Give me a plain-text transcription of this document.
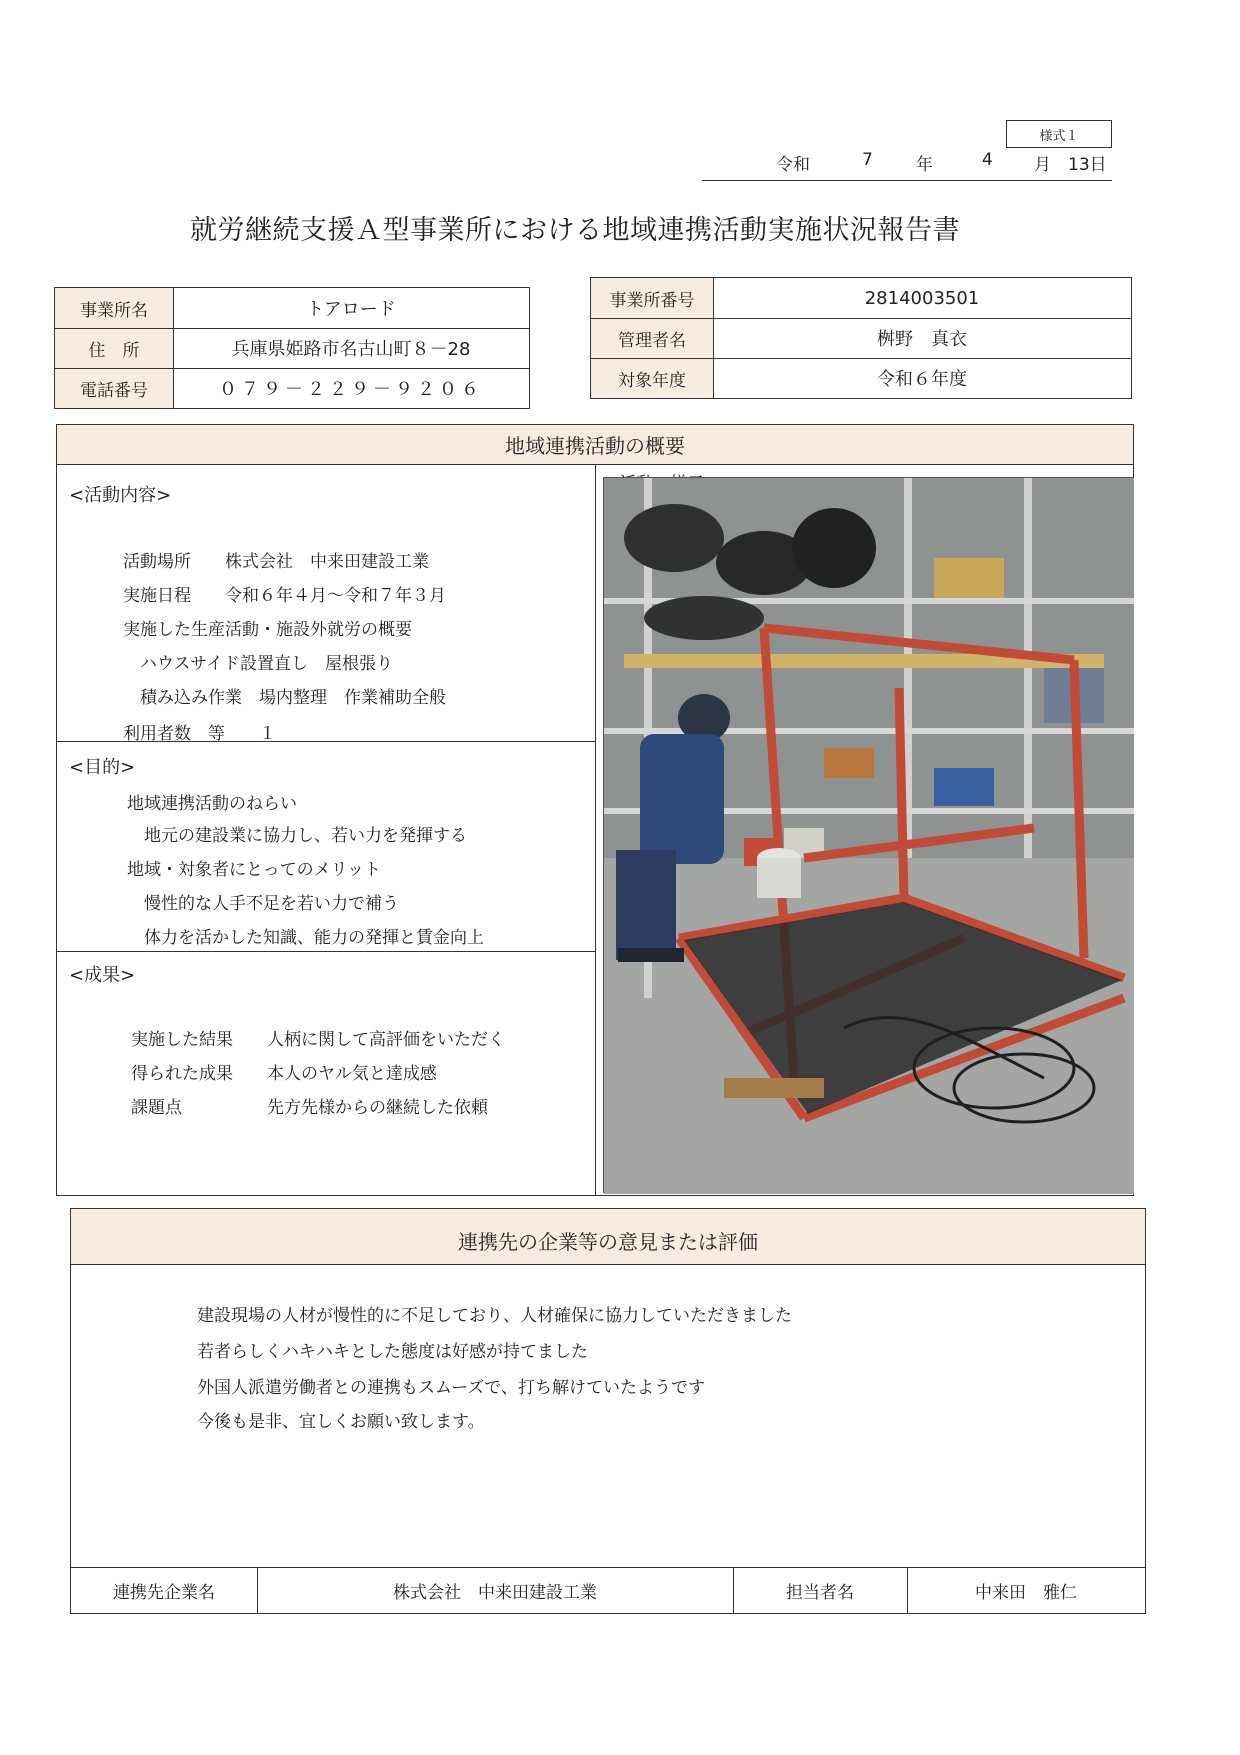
様式１
令和	7	年	4 月 13日
就労継続支援Ａ型事業所における地域連携活動実施状況報告書
事業所名	トアロード
住　所	兵庫県姫路市名古山町８－28
電話番号	０７９－２２９－９２０６
事業所番号	2814003501
管理者名	桝野　真衣
対象年度	令和６年度
地域連携活動の概要
<活動内容>
活動場所　　株式会社　中来田建設工業
実施日程　　令和６年４月～令和７年３月
実施した生産活動・施設外就労の概要
　ハウスサイド設置直し　屋根張り
　積み込み作業　場内整理　作業補助全般
利用者数　等　　１
<目的>
地域連携活動のねらい
　地元の建設業に協力し、若い力を発揮する
地域・対象者にとってのメリット
　慢性的な人手不足を若い力で補う
　体力を活かした知識、能力の発揮と賃金向上
<成果>
実施した結果　　人柄に関して高評価をいただく
得られた成果　　本人のヤル気と達成感
課題点　　　　　先方先様からの継続した依頼
連携先の企業等の意見または評価
建設現場の人材が慢性的に不足しており、人材確保に協力していただきました
若者らしくハキハキとした態度は好感が持てました
外国人派遣労働者との連携もスムーズで、打ち解けていたようです
今後も是非、宜しくお願い致します。
連携先企業名	株式会社　中来田建設工業	担当者名	中来田　雅仁
